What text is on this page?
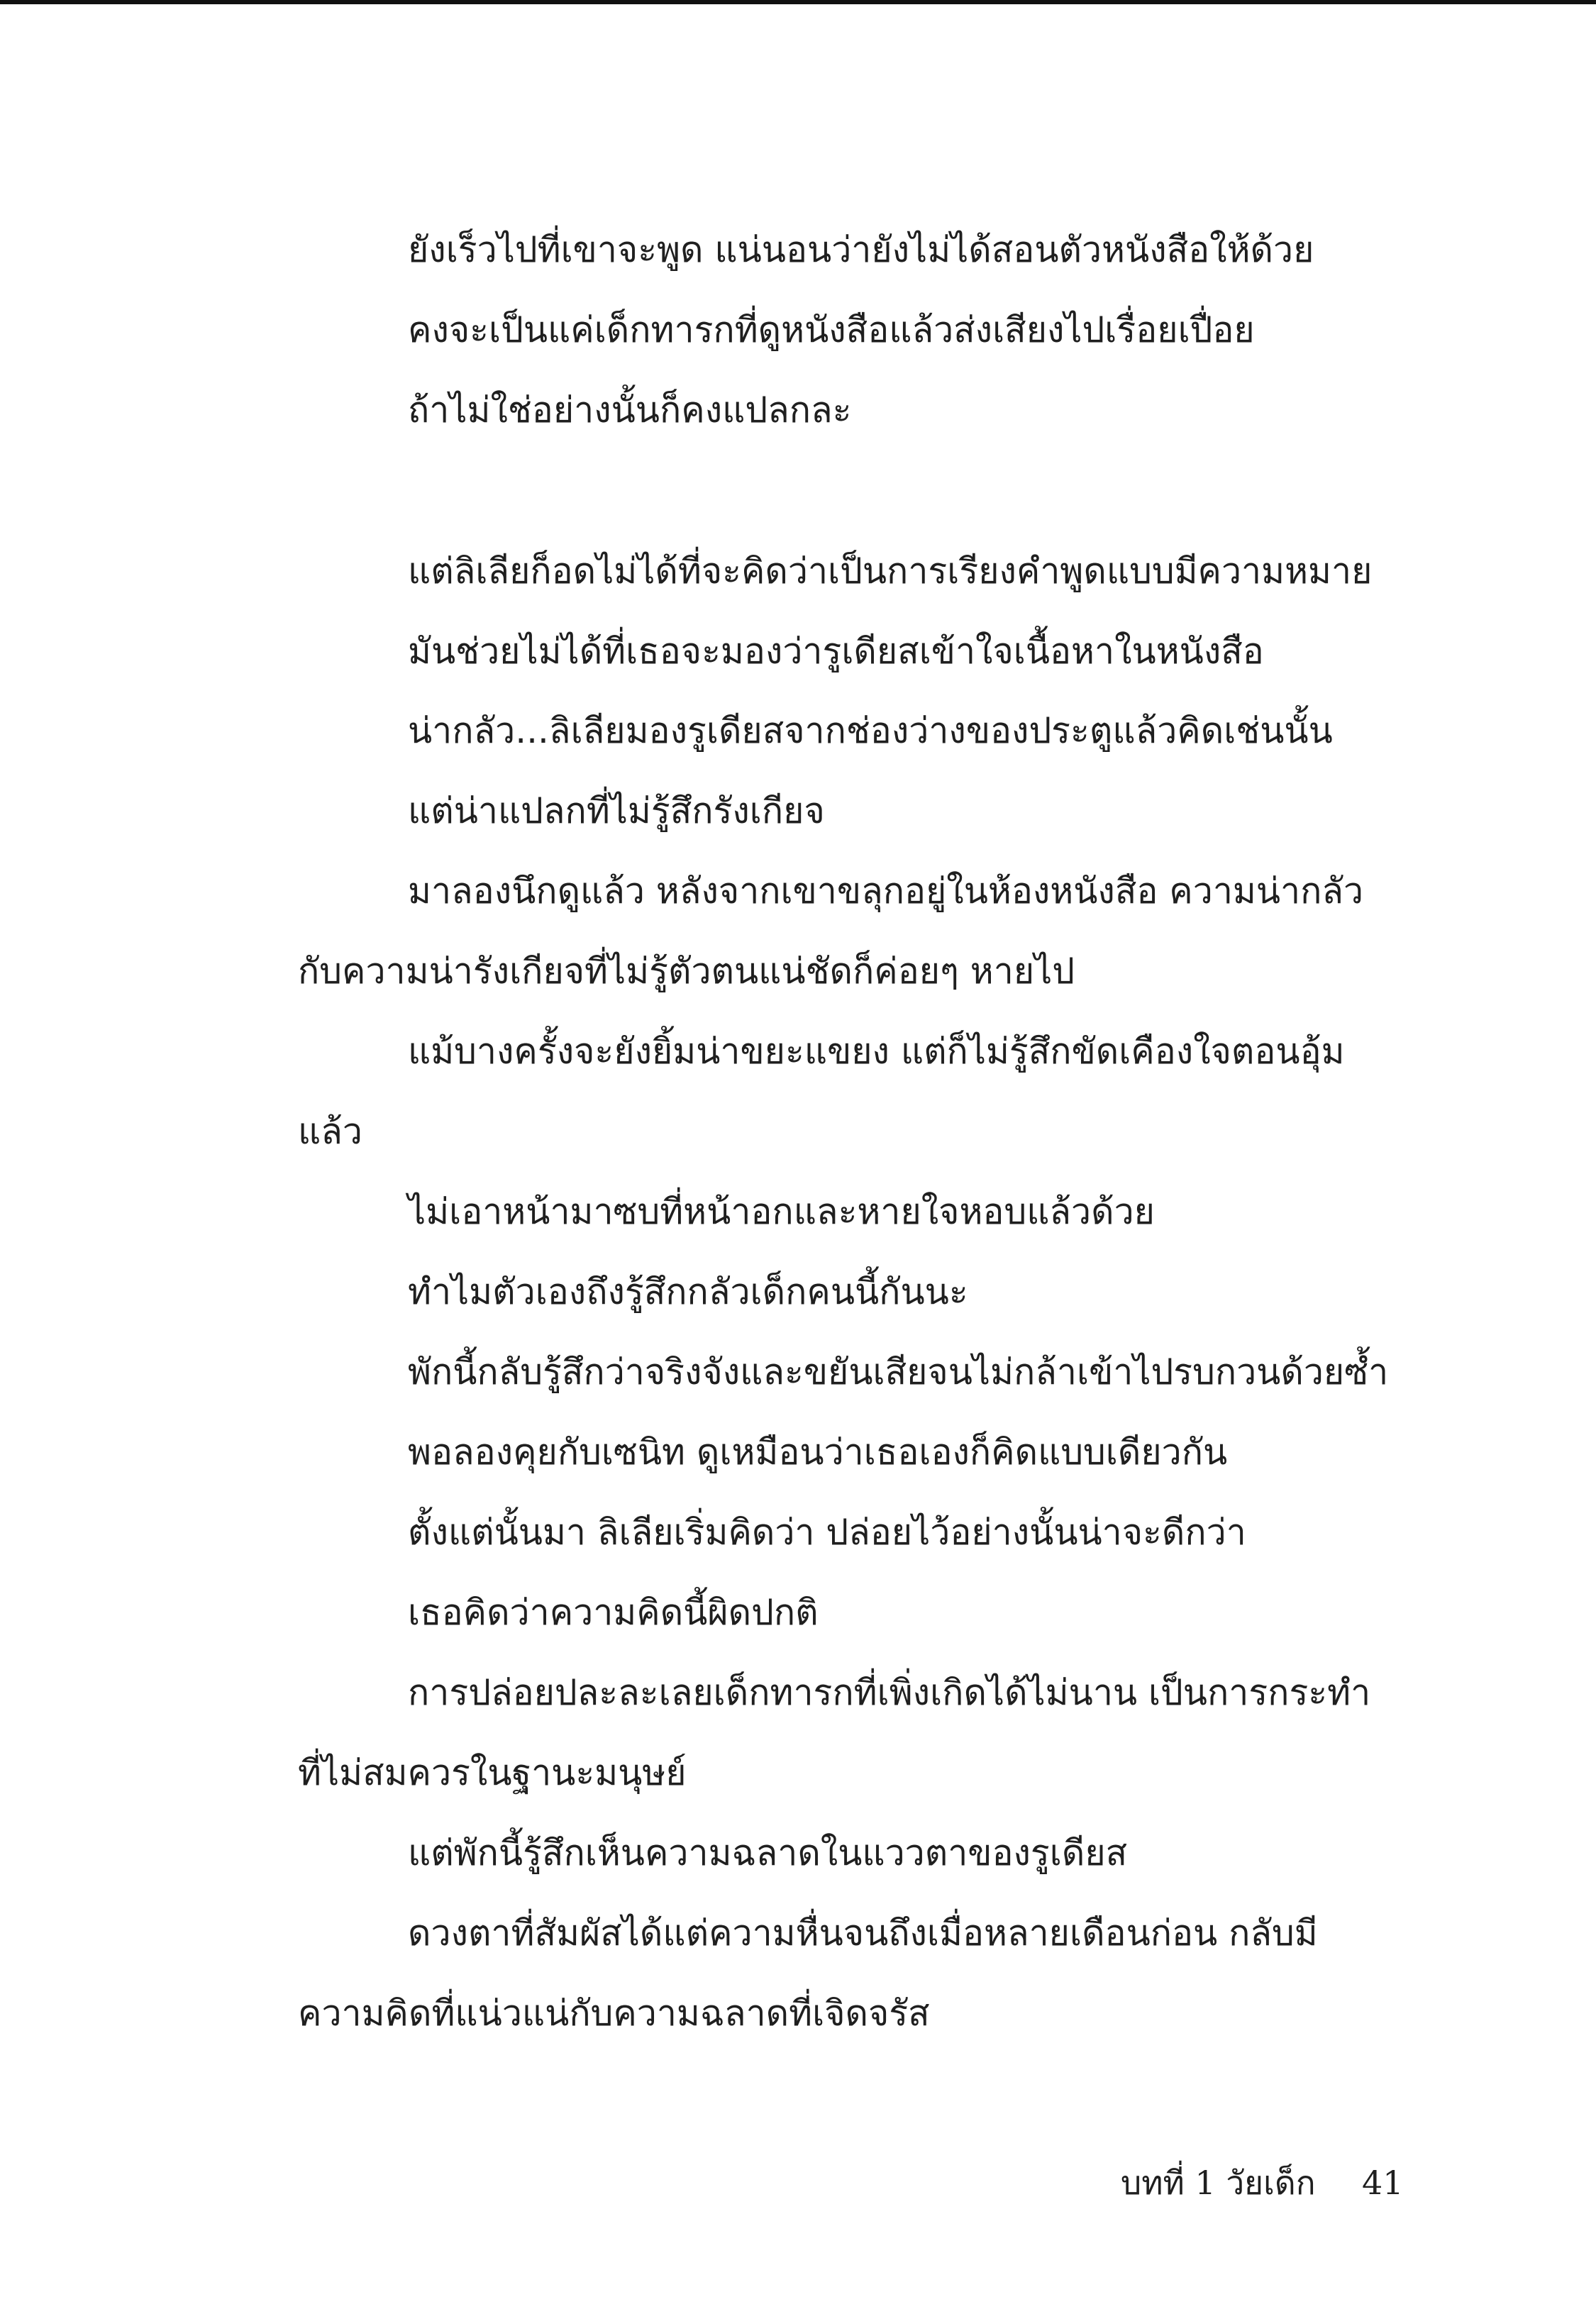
ยังเร็วไปที่เขาจะพูด แน่นอนว่ายังไม่ได้สอนตัวหนังสือให้ด้วย
คงจะเป็นแค่เด็กทารกที่ดูหนังสือแล้วส่งเสียงไปเรื่อยเปื่อย
ถ้าไม่ใช่อย่างนั้นก็คงแปลกละ
แต่ลิเลียก็อดไม่ได้ที่จะคิดว่าเป็นการเรียงคำพูดแบบมีความหมาย
มันช่วยไม่ได้ที่เธอจะมองว่ารูเดียสเข้าใจเนื้อหาในหนังสือ
น่ากลัว...ลิเลียมองรูเดียสจากช่องว่างของประตูแล้วคิดเช่นนั้น
แต่น่าแปลกที่ไม่รู้สึกรังเกียจ
มาลองนึกดูแล้ว หลังจากเขาขลุกอยู่ในห้องหนังสือ ความน่ากลัว
กับความน่ารังเกียจที่ไม่รู้ตัวตนแน่ชัดก็ค่อยๆ หายไป
แม้บางครั้งจะยังยิ้มน่าขยะแขยง แต่ก็ไม่รู้สึกขัดเคืองใจตอนอุ้ม
แล้ว
ไม่เอาหน้ามาซบที่หน้าอกและหายใจหอบแล้วด้วย
ทำไมตัวเองถึงรู้สึกกลัวเด็กคนนี้กันนะ
พักนี้กลับรู้สึกว่าจริงจังและขยันเสียจนไม่กล้าเข้าไปรบกวนด้วยซ้ำ
พอลองคุยกับเซนิท ดูเหมือนว่าเธอเองก็คิดแบบเดียวกัน
ตั้งแต่นั้นมา ลิเลียเริ่มคิดว่า ปล่อยไว้อย่างนั้นน่าจะดีกว่า
เธอคิดว่าความคิดนี้ผิดปกติ
การปล่อยปละละเลยเด็กทารกที่เพิ่งเกิดได้ไม่นาน เป็นการกระทำ
ที่ไม่สมควรในฐานะมนุษย์
แต่พักนี้รู้สึกเห็นความฉลาดในแววตาของรูเดียส
ดวงตาที่สัมผัสได้แต่ความหื่นจนถึงเมื่อหลายเดือนก่อน กลับมี
ความคิดที่แน่วแน่กับความฉลาดที่เจิดจรัส
บทที่ 1 วัยเด็ก 41
